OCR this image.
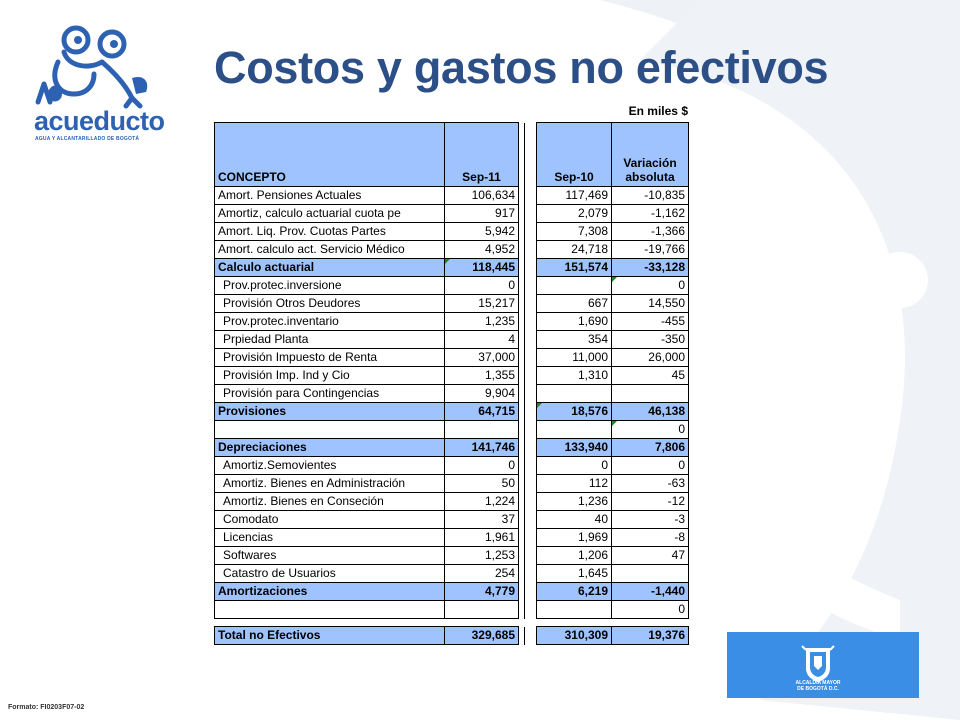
acueducto
AGUA Y ALCANTARILLADO DE BOGOTÁ
Costos y gastos no efectivos
En miles $
CONCEPTO	Sep-11			Sep-10	Variación
absoluta
Amort. Pensiones Actuales	106,634			117,469	-10,835
Amortiz, calculo actuarial cuota pe	917			2,079	-1,162
Amort. Liq. Prov. Cuotas Partes	5,942			7,308	-1,366
Amort. calculo act. Servicio Médico	4,952			24,718	-19,766
Calculo actuarial	118,445			151,574	-33,128
Prov.protec.inversione	0				0
Provisión Otros Deudores	15,217			667	14,550
Prov.protec.inventario	1,235			1,690	-455
Prpiedad Planta	4			354	-350
Provisión Impuesto de Renta	37,000			11,000	26,000
Provisión Imp. Ind y Cio	1,355			1,310	45
Provisión para Contingencias	9,904				
Provisiones	64,715			18,576	46,138
					0
Depreciaciones	141,746			133,940	7,806
Amortiz.Semovientes	0			0	0
Amortiz. Bienes en Administración	50			112	-63
Amortiz. Bienes en Conseción	1,224			1,236	-12
Comodato	37			40	-3
Licencias	1,961			1,969	-8
Softwares	1,253			1,206	47
Catastro de Usuarios	254			1,645	
Amortizaciones	4,779			6,219	-1,440
					0

Total no Efectivos	329,685			310,309	19,376
Formato: FI0203F07-02
ALCALDÍA MAYOR
DE BOGOTÁ D.C.
